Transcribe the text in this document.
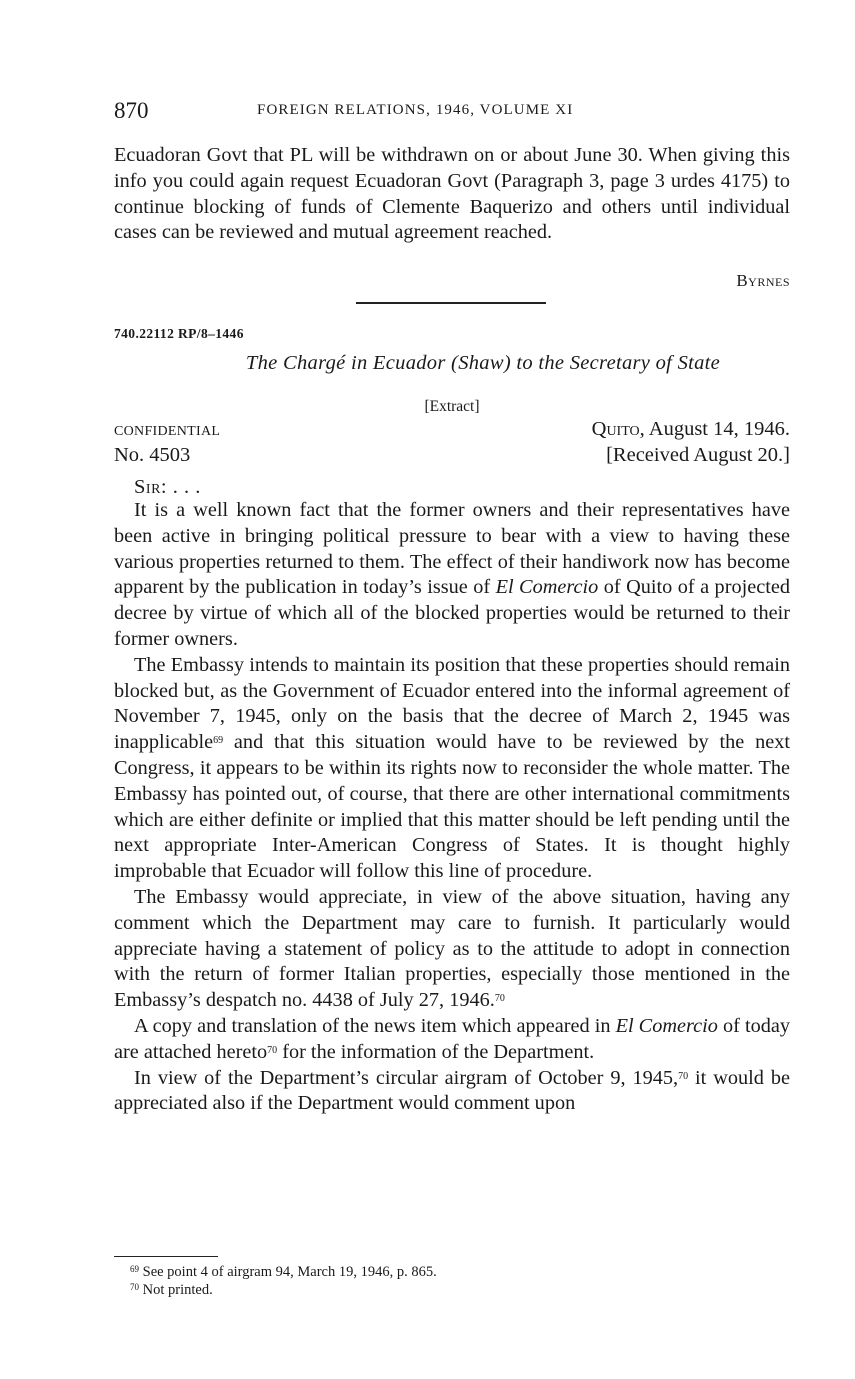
870	FOREIGN RELATIONS, 1946, VOLUME XI

Ecuadoran Govt that PL will be withdrawn on or about June 30. When giving this info you could again request Ecuadoran Govt (Paragraph 3, page 3 urdes 4175) to continue blocking of funds of Clemente Baquerizo and others until individual cases can be reviewed and mutual agreement reached.

Byrnes
740.22112 RP/8–1446
The Chargé in Ecuador (Shaw) to the Secretary of State
[Extract]
CONFIDENTIAL	Quito, August 14, 1946.
No. 4503	[Received August 20.]
Sir: . . .

It is a well known fact that the former owners and their representatives have been active in bringing political pressure to bear with a view to having these various properties returned to them. The effect of their handiwork now has become apparent by the publication in today’s issue of El Comercio of Quito of a projected decree by virtue of which all of the blocked properties would be returned to their former owners.

The Embassy intends to maintain its position that these properties should remain blocked but, as the Government of Ecuador entered into the informal agreement of November 7, 1945, only on the basis that the decree of March 2, 1945 was inapplicable$^{69}$ and that this situation would have to be reviewed by the next Congress, it appears to be within its rights now to reconsider the whole matter. The Embassy has pointed out, of course, that there are other international commitments which are either definite or implied that this matter should be left pending until the next appropriate Inter-American Congress of States. It is thought highly improbable that Ecuador will follow this line of procedure.

The Embassy would appreciate, in view of the above situation, having any comment which the Department may care to furnish. It particularly would appreciate having a statement of policy as to the attitude to adopt in connection with the return of former Italian properties, especially those mentioned in the Embassy’s despatch no. 4438 of July 27, 1946.70

A copy and translation of the news item which appeared in El Comercio of today are attached hereto$^{70}$ for the information of the Department.

In view of the Department’s circular airgram of October 9, 1945,70 it would be appreciated also if the Department would comment upon

$^{69}$ See point 4 of airgram 94, March 19, 1946, p. 865.
$^{70}$ Not printed.
